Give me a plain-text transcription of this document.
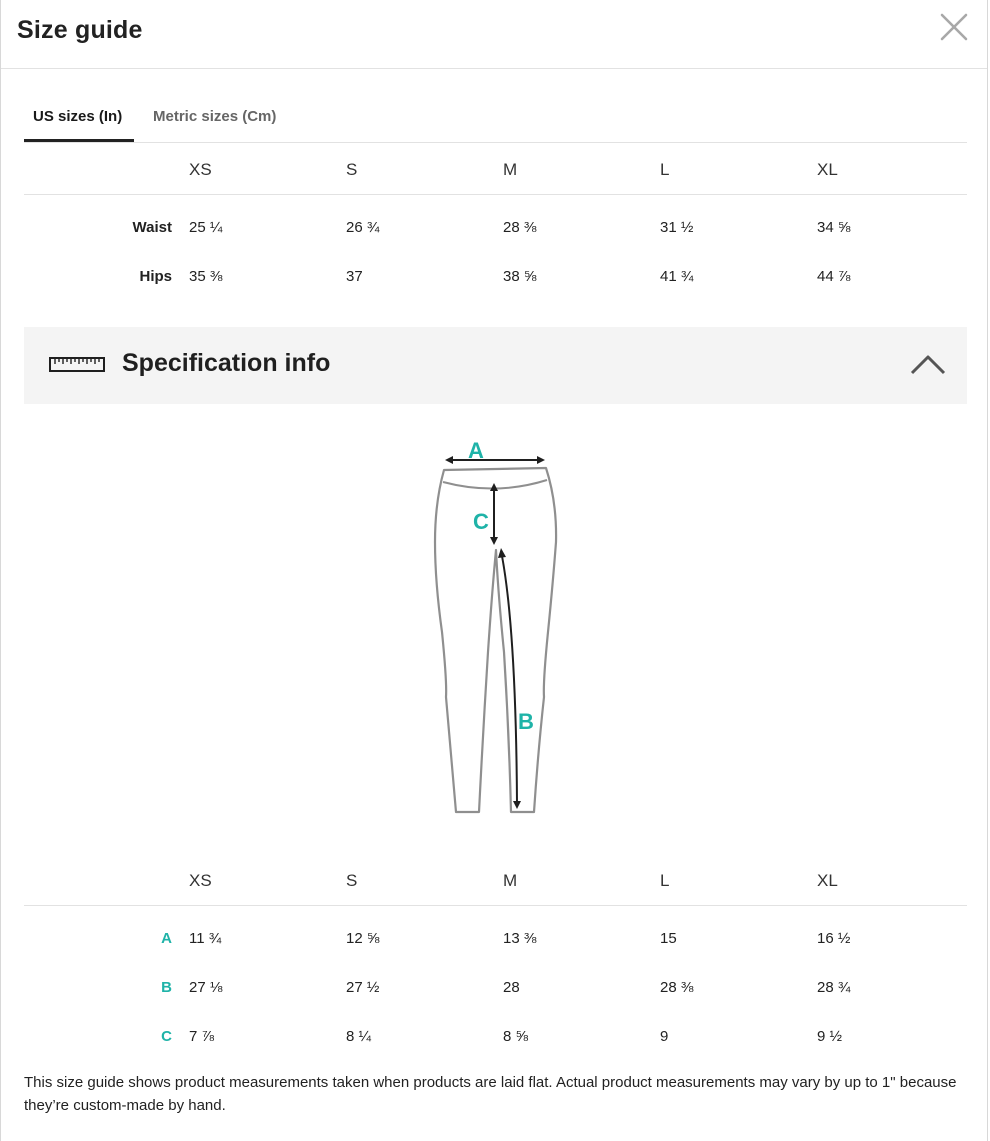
Size guide
US sizes (In)	Metric sizes (Cm)
XS	S	M	L	XL
Waist 25 ¼	26 ¾	28 ⅜	31 ½	34 ⅝
Hips 35 ⅜	37	38 ⅝	41 ¾	44 ⅞
Specification info
A
C
B
XS	S	M	L	XL
A 11 ¾	12 ⅝	13 ⅜	15	16 ½
B 27 ⅛	27 ½	28	28 ⅜	28 ¾
C 7 ⅞	8 ¼	8 ⅝	9	9 ½
This size guide shows product measurements taken when products are laid flat. Actual product measurements may vary by up to 1" because they’re custom-made by hand.
